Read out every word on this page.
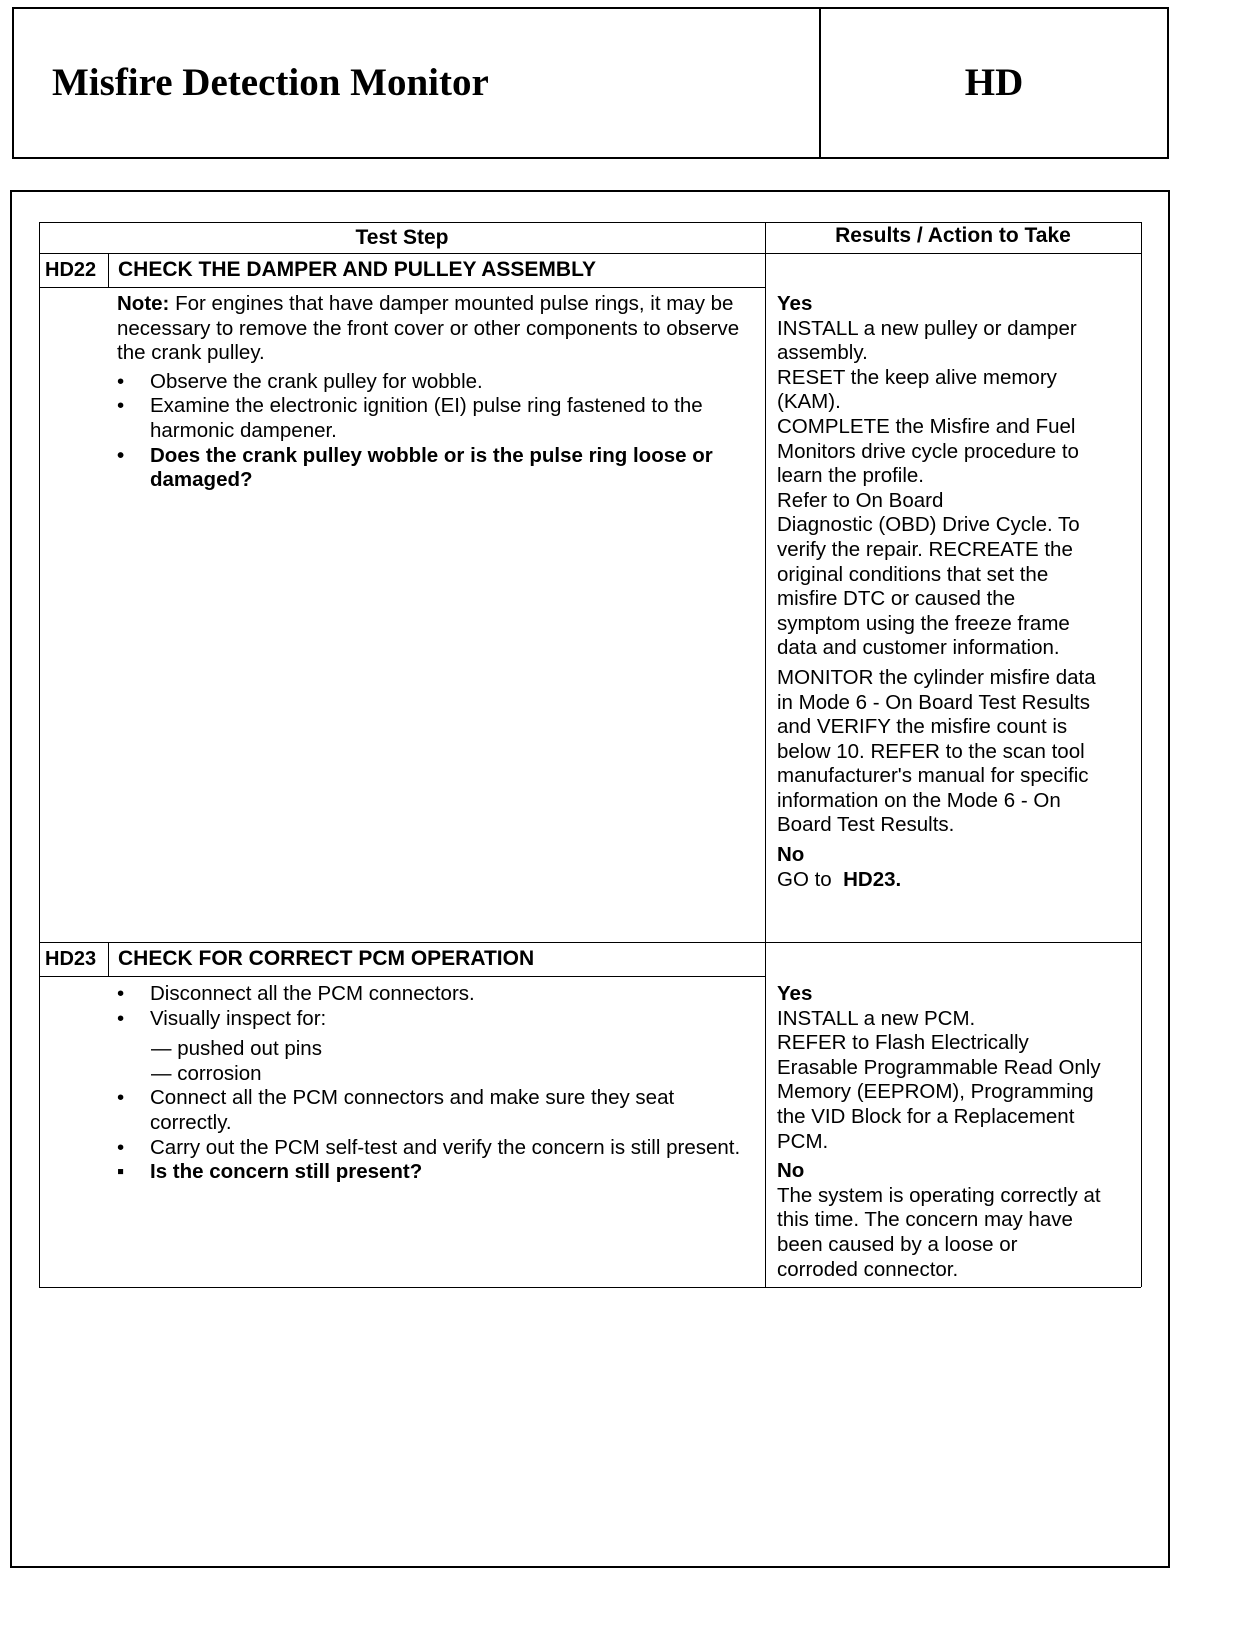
Misfire Detection Monitor	HD
Test Step	Results / Action to Take
HD22 CHECK THE DAMPER AND PULLEY ASSEMBLY
Note: For engines that have damper mounted pulse rings, it may be necessary to remove the front cover or other components to observe the crank pulley.
• Observe the crank pulley for wobble.
• Examine the electronic ignition (EI) pulse ring fastened to the harmonic dampener.
• Does the crank pulley wobble or is the pulse ring loose or damaged?
Yes
INSTALL a new pulley or damper
assembly.
RESET the keep alive memory
(KAM).
COMPLETE the Misfire and Fuel
Monitors drive cycle procedure to
learn the profile.
Refer to On Board
Diagnostic (OBD) Drive Cycle. To
verify the repair. RECREATE the
original conditions that set the
misfire DTC or caused the
symptom using the freeze frame
data and customer information.
MONITOR the cylinder misfire data
in Mode 6 - On Board Test Results
and VERIFY the misfire count is
below 10. REFER to the scan tool
manufacturer's manual for specific
information on the Mode 6 - On
Board Test Results.
No
GO to HD23.
HD23 CHECK FOR CORRECT PCM OPERATION
• Disconnect all the PCM connectors.
• Visually inspect for:
— pushed out pins
— corrosion
• Connect all the PCM connectors and make sure they seat correctly.
• Carry out the PCM self-test and verify the concern is still present.
▪ Is the concern still present?
Yes
INSTALL a new PCM.
REFER to Flash Electrically
Erasable Programmable Read Only
Memory (EEPROM), Programming
the VID Block for a Replacement
PCM.
No
The system is operating correctly at
this time. The concern may have
been caused by a loose or
corroded connector.
